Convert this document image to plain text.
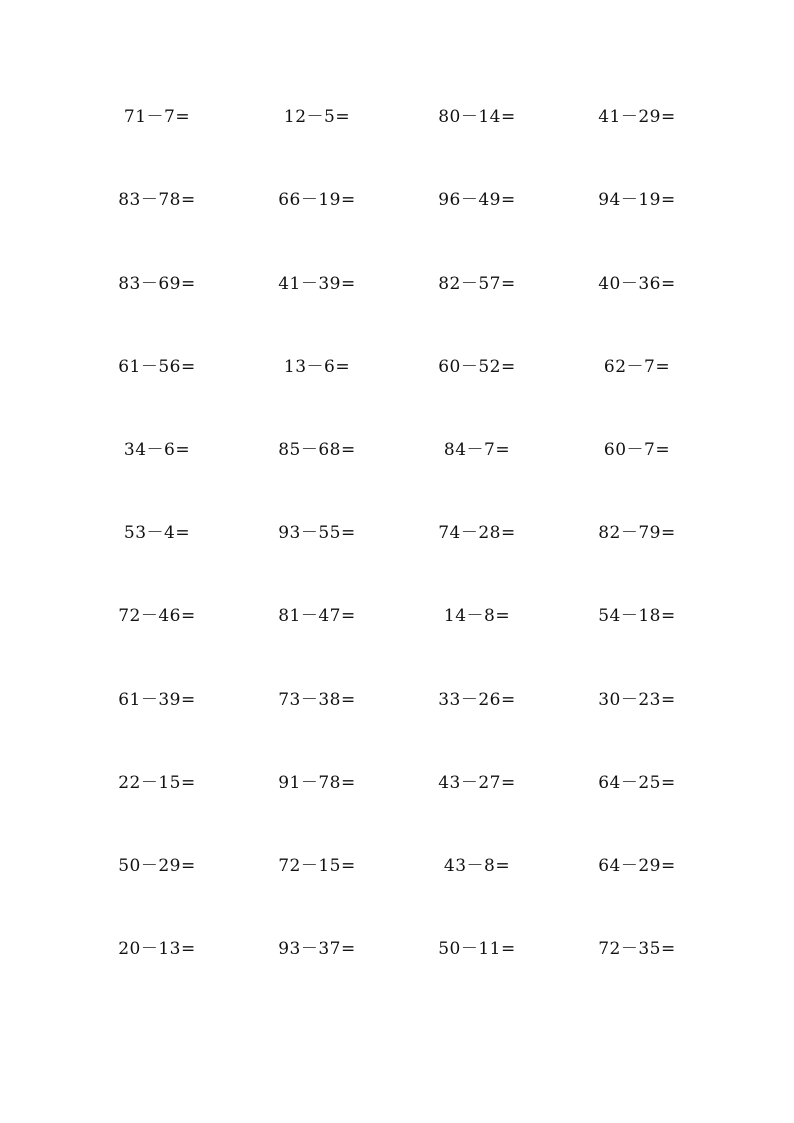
71－7=	12－5=	80－14=	41－29=
83－78=	66－19=	96－49=	94－19=
83－69=	41－39=	82－57=	40－36=
61－56=	13－6=	60－52=	62－7=
34－6=	85－68=	84－7=	60－7=
53－4=	93－55=	74－28=	82－79=
72－46=	81－47=	14－8=	54－18=
61－39=	73－38=	33－26=	30－23=
22－15=	91－78=	43－27=	64－25=
50－29=	72－15=	43－8=	64－29=
20－13=	93－37=	50－11=	72－35=
